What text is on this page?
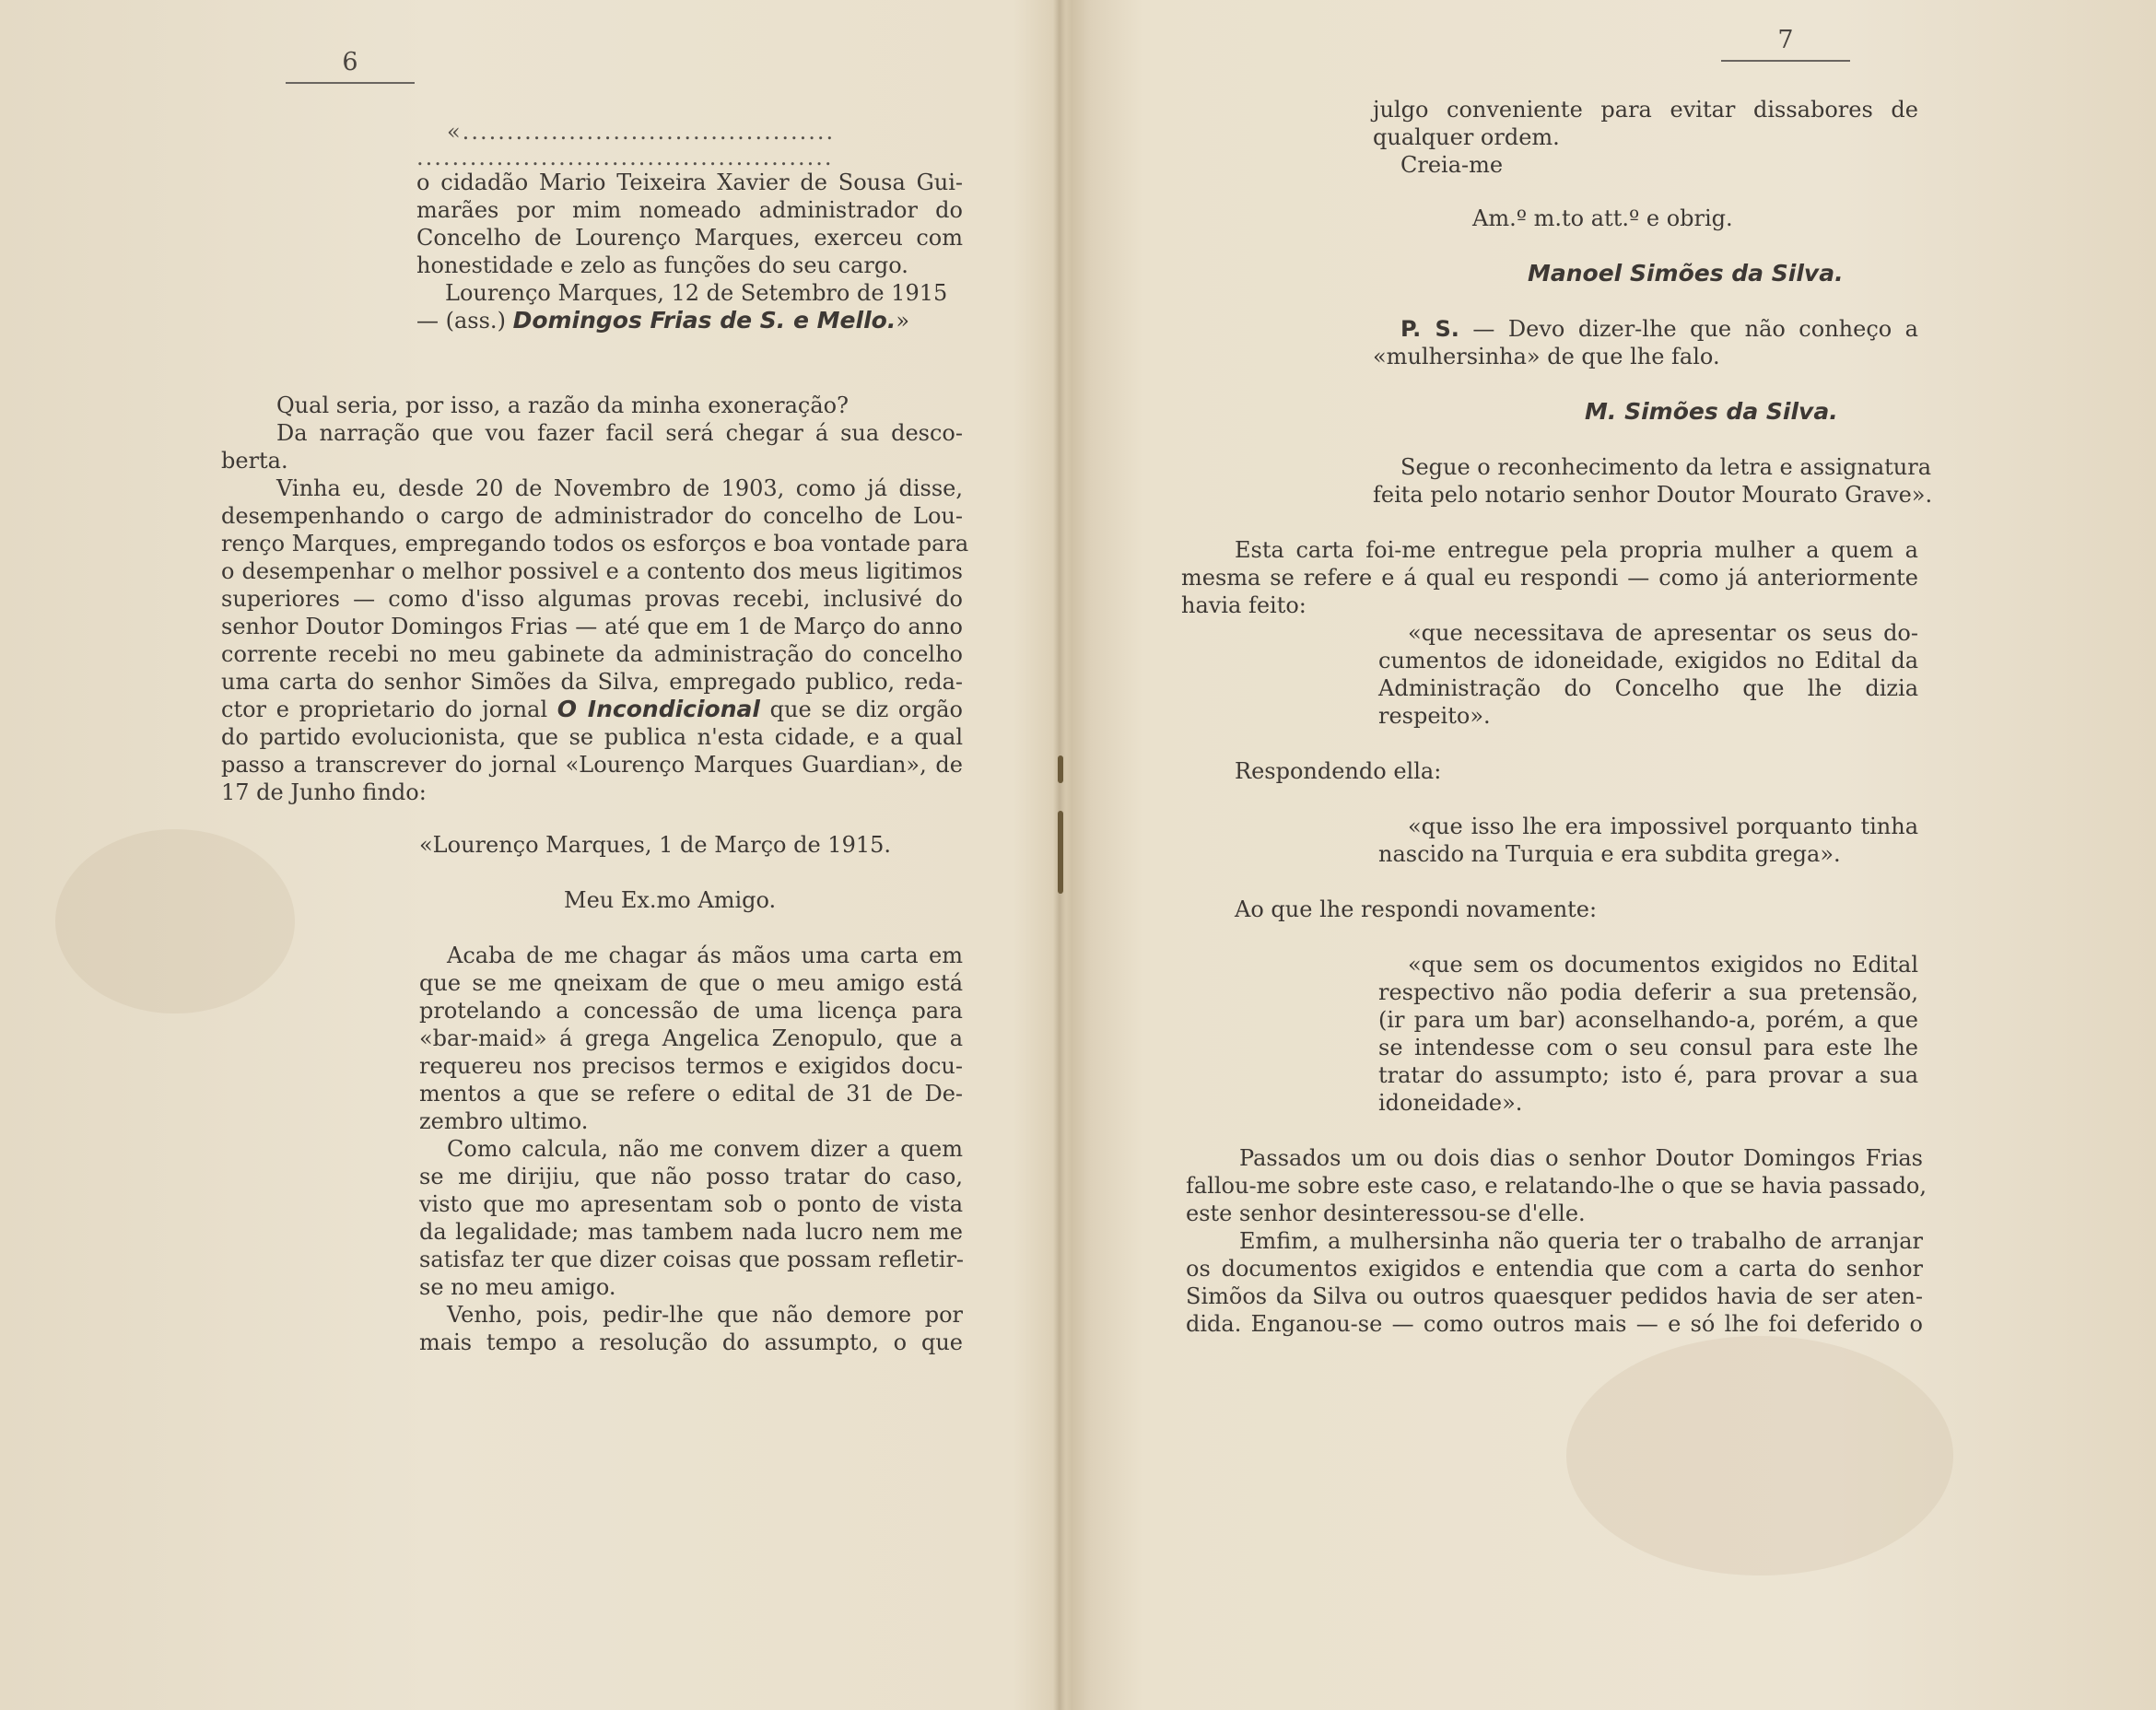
6
«..........................................
...............................................
o cidadão Mario Teixeira Xavier de Sousa Gui-
marães por mim nomeado administrador do
Concelho de Lourenço Marques, exerceu com
honestidade e zelo as funções do seu cargo.
Lourenço Marques, 12 de Setembro de 1915
— (ass.) Domingos Frias de S. e Mello.»
Qual seria, por isso, a razão da minha exoneração?
Da narração que vou fazer facil será chegar á sua desco-
berta.
Vinha eu, desde 20 de Novembro de 1903, como já disse,
desempenhando o cargo de administrador do concelho de Lou-
renço Marques, empregando todos os esforços e boa vontade para
o desempenhar o melhor possivel e a contento dos meus ligitimos
superiores — como d'isso algumas provas recebi, inclusivé do
senhor Doutor Domingos Frias — até que em 1 de Março do anno
corrente recebi no meu gabinete da administração do concelho
uma carta do senhor Simões da Silva, empregado publico, reda-
ctor e proprietario do jornal O Incondicional que se diz orgão
do partido evolucionista, que se publica n'esta cidade, e a qual
passo a transcrever do jornal «Lourenço Marques Guardian», de
17 de Junho findo:
«Lourenço Marques, 1 de Março de 1915.
Meu Ex.mo Amigo.
Acaba de me chagar ás mãos uma carta em
que se me qneixam de que o meu amigo está
protelando a concessão de uma licença para
«bar-maid» á grega Angelica Zenopulo, que a
requereu nos precisos termos e exigidos docu-
mentos a que se refere o edital de 31 de De-
zembro ultimo.
Como calcula, não me convem dizer a quem
se me dirijiu, que não posso tratar do caso,
visto que mo apresentam sob o ponto de vista
da legalidade; mas tambem nada lucro nem me
satisfaz ter que dizer coisas que possam refletir-
se no meu amigo.
Venho, pois, pedir-lhe que não demore por
mais tempo a resolução do assumpto, o que
7
julgo conveniente para evitar dissabores de
qualquer ordem.
Creia-me
Am.º m.to att.º e obrig.
Manoel Simões da Silva.
P. S. — Devo dizer-lhe que não conheço a
«mulhersinha» de que lhe falo.
M. Simões da Silva.
Segue o reconhecimento da letra e assignatura
feita pelo notario senhor Doutor Mourato Grave».
Esta carta foi-me entregue pela propria mulher a quem a
mesma se refere e á qual eu respondi — como já anteriormente
havia feito:
«que necessitava de apresentar os seus do-
cumentos de idoneidade, exigidos no Edital da
Administração do Concelho que lhe dizia
respeito».
Respondendo ella:
«que isso lhe era impossivel porquanto tinha
nascido na Turquia e era subdita grega».
Ao que lhe respondi novamente:
«que sem os documentos exigidos no Edital
respectivo não podia deferir a sua pretensão,
(ir para um bar) aconselhando-a, porém, a que
se intendesse com o seu consul para este lhe
tratar do assumpto; isto é, para provar a sua
idoneidade».
Passados um ou dois dias o senhor Doutor Domingos Frias
fallou-me sobre este caso, e relatando-lhe o que se havia passado,
este senhor desinteressou-se d'elle.
Emfim, a mulhersinha não queria ter o trabalho de arranjar
os documentos exigidos e entendia que com a carta do senhor
Simõos da Silva ou outros quaesquer pedidos havia de ser aten-
dida. Enganou-se — como outros mais — e só lhe foi deferido o
